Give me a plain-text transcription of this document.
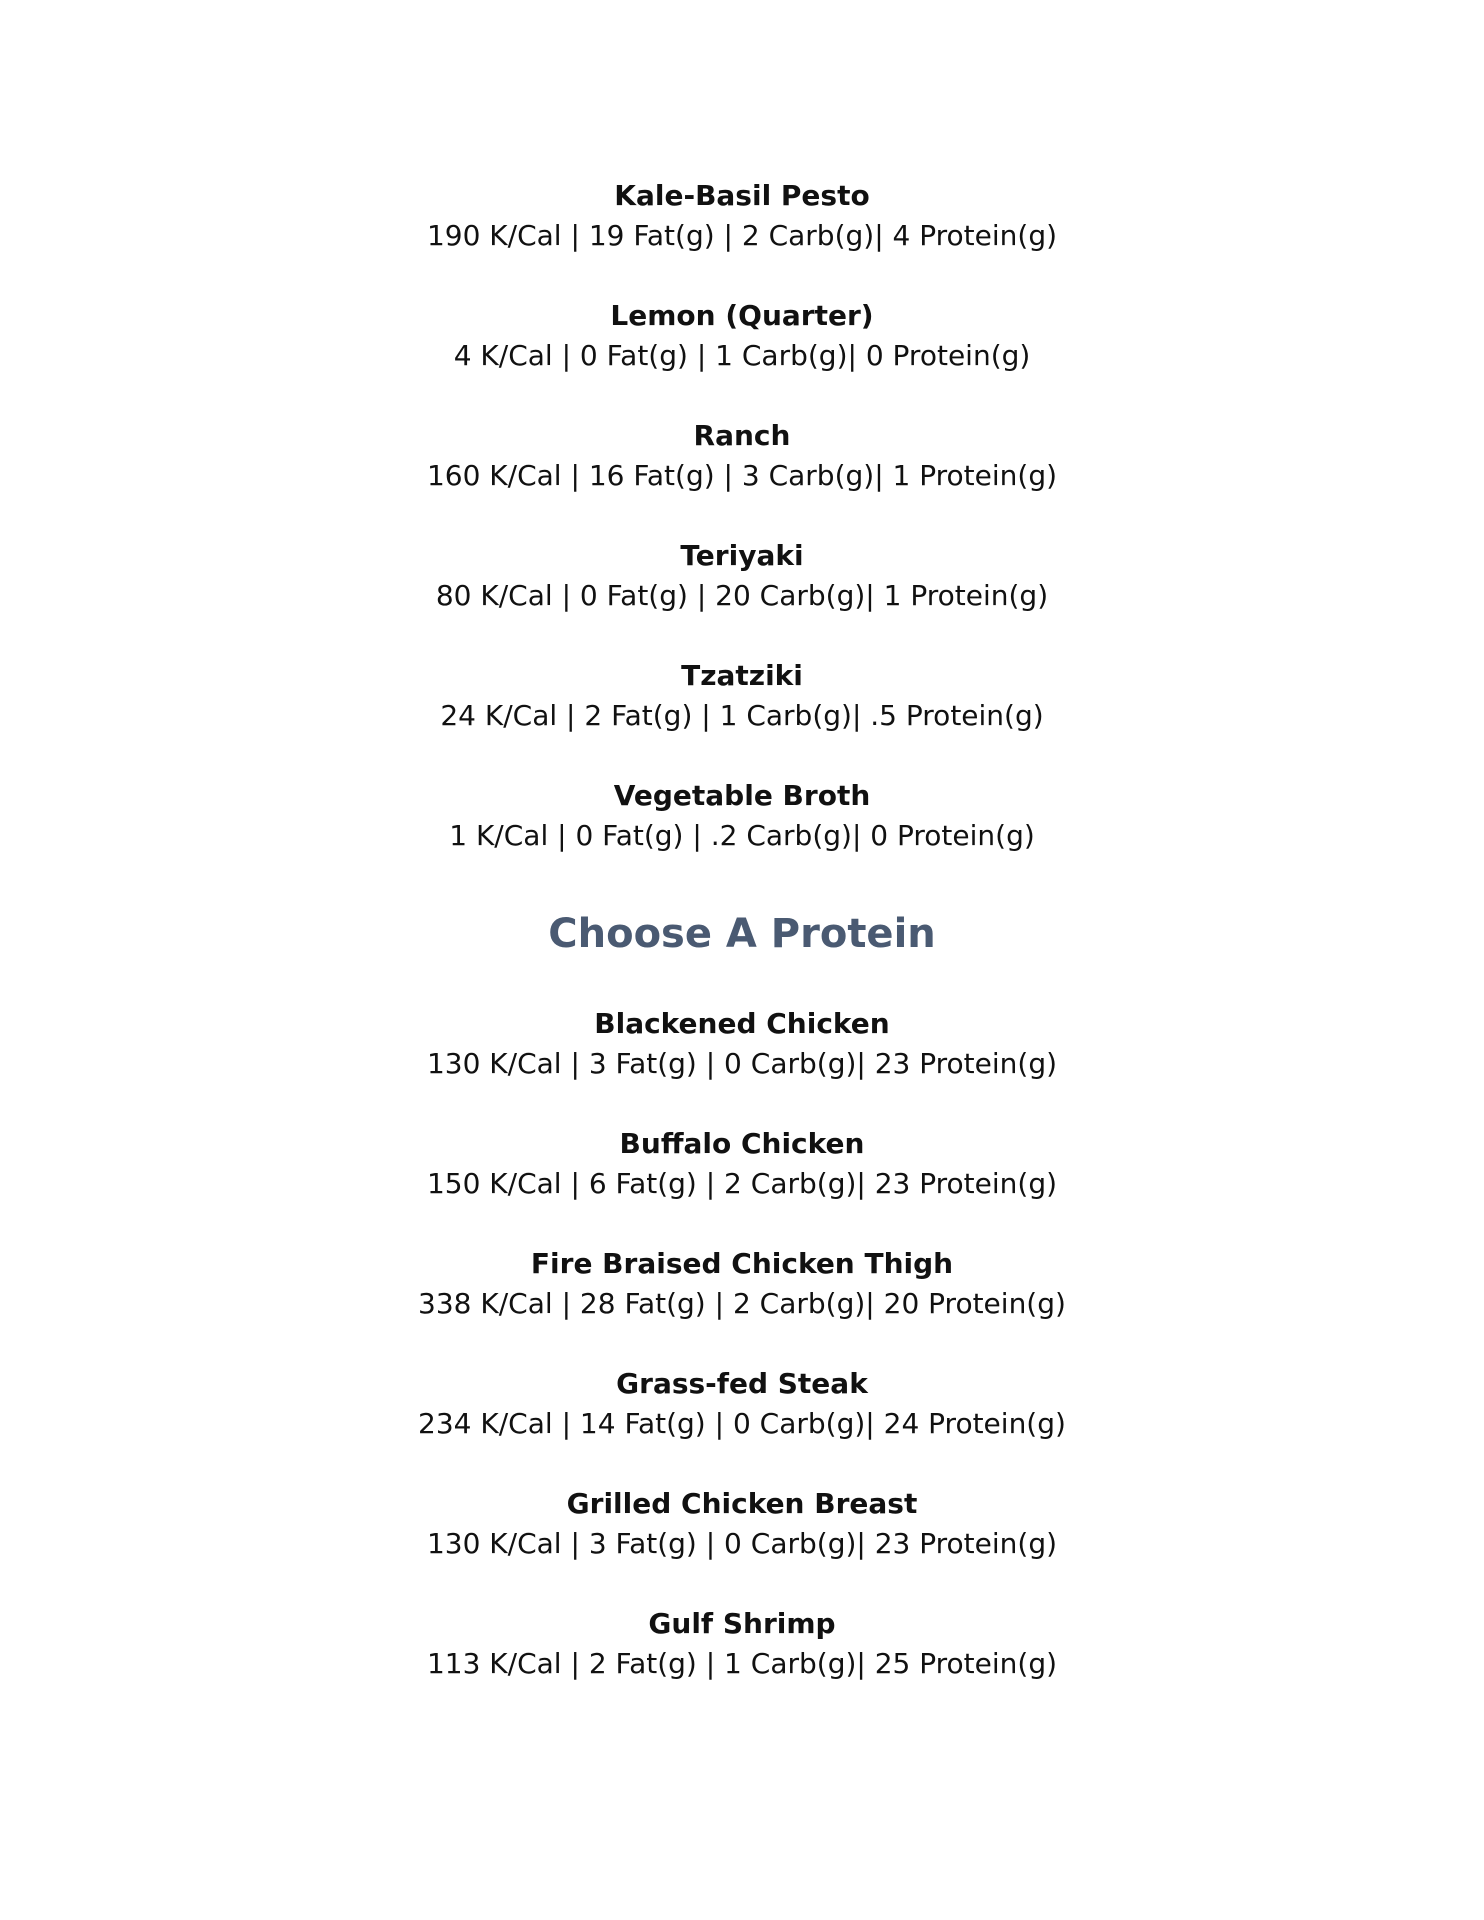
Kale-Basil Pesto
190 K/Cal | 19 Fat(g) | 2 Carb(g)| 4 Protein(g)
Lemon (Quarter)
4 K/Cal | 0 Fat(g) | 1 Carb(g)| 0 Protein(g)
Ranch
160 K/Cal | 16 Fat(g) | 3 Carb(g)| 1 Protein(g)
Teriyaki
80 K/Cal | 0 Fat(g) | 20 Carb(g)| 1 Protein(g)
Tzatziki
24 K/Cal | 2 Fat(g) | 1 Carb(g)| .5 Protein(g)
Vegetable Broth
1 K/Cal | 0 Fat(g) | .2 Carb(g)| 0 Protein(g)
Choose A Protein
Blackened Chicken
130 K/Cal | 3 Fat(g) | 0 Carb(g)| 23 Protein(g)
Buffalo Chicken
150 K/Cal | 6 Fat(g) | 2 Carb(g)| 23 Protein(g)
Fire Braised Chicken Thigh
338 K/Cal | 28 Fat(g) | 2 Carb(g)| 20 Protein(g)
Grass-fed Steak
234 K/Cal | 14 Fat(g) | 0 Carb(g)| 24 Protein(g)
Grilled Chicken Breast
130 K/Cal | 3 Fat(g) | 0 Carb(g)| 23 Protein(g)
Gulf Shrimp
113 K/Cal | 2 Fat(g) | 1 Carb(g)| 25 Protein(g)
